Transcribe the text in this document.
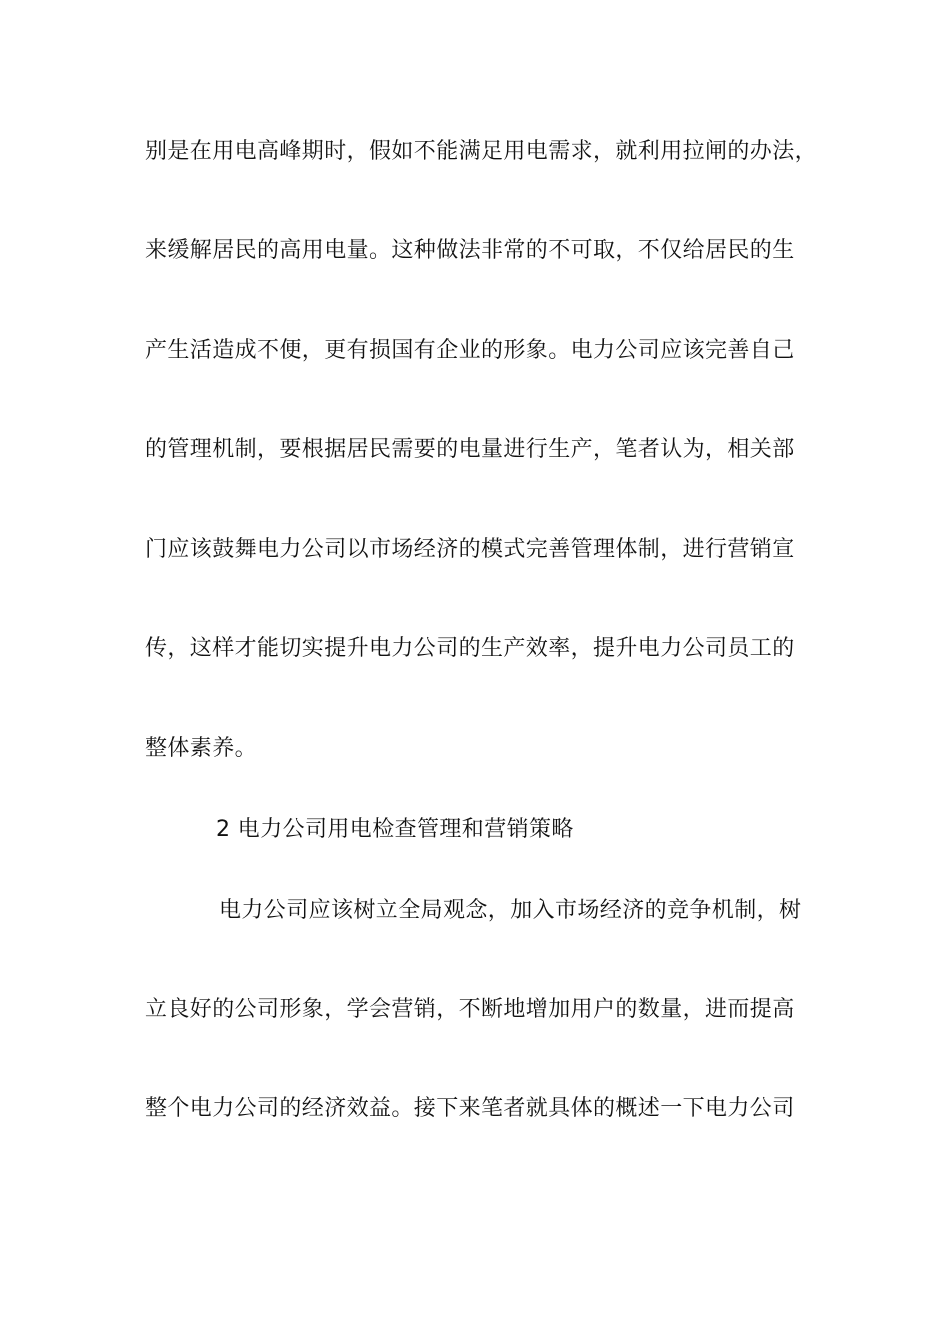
别是在用电高峰期时，假如不能满足用电需求，就利用拉闸的办法，
来缓解居民的高用电量。这种做法非常的不可取，不仅给居民的生
产生活造成不便，更有损国有企业的形象。电力公司应该完善自己
的管理机制，要根据居民需要的电量进行生产，笔者认为，相关部
门应该鼓舞电力公司以市场经济的模式完善管理体制，进行营销宣
传，这样才能切实提升电力公司的生产效率，提升电力公司员工的
整体素养。
2 电力公司用电检查管理和营销策略
电力公司应该树立全局观念，加入市场经济的竞争机制，树
立良好的公司形象，学会营销，不断地增加用户的数量，进而提高
整个电力公司的经济效益。接下来笔者就具体的概述一下电力公司
